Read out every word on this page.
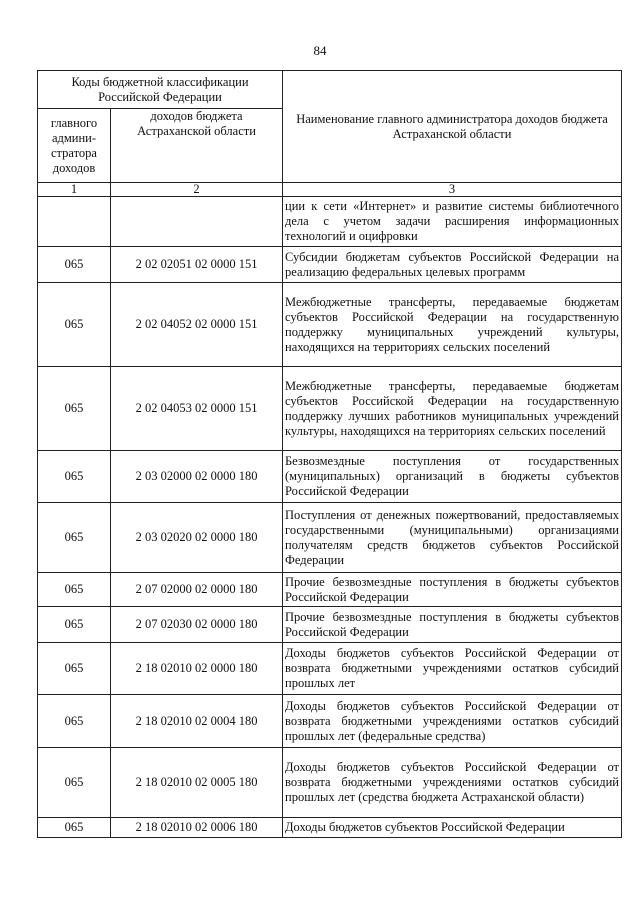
84
Коды бюджетной классификации Российской Федерации		Наименование главного администратора доходов бюджета Астраханской области
главного админи-стратора доходов	доходов бюджета Астраханской области	
1	2	3
		ции к сети «Интернет» и развитие системы библиотечного дела с учетом задачи расширения информационных технологий и оцифровки
065	2 02 02051 02 0000 151	Субсидии бюджетам субъектов Российской Федерации на реализацию федеральных целевых программ
065	2 02 04052 02 0000 151	Межбюджетные трансферты, передаваемые бюджетам субъектов Российской Федерации на государственную поддержку муниципальных учреждений культуры, находящихся на территориях сельских поселений
065	2 02 04053 02 0000 151	Межбюджетные трансферты, передаваемые бюджетам субъектов Российской Федерации на государственную поддержку лучших работников муниципальных учреждений культуры, находящихся на территориях сельских поселений
065	2 03 02000 02 0000 180	Безвозмездные поступления от государственных (муниципальных) организаций в бюджеты субъектов Российской Федерации
065	2 03 02020 02 0000 180	Поступления от денежных пожертвований, предоставляемых государственными (муниципальными) организациями получателям средств бюджетов субъектов Российской Федерации
065	2 07 02000 02 0000 180	Прочие безвозмездные поступления в бюджеты субъектов Российской Федерации
065	2 07 02030 02 0000 180	Прочие безвозмездные поступления в бюджеты субъектов Российской Федерации
065	2 18 02010 02 0000 180	Доходы бюджетов субъектов Российской Федерации от возврата бюджетными учреждениями остатков субсидий прошлых лет
065	2 18 02010 02 0004 180	Доходы бюджетов субъектов Российской Федерации от возврата бюджетными учреждениями остатков субсидий прошлых лет (федеральные средства)
065	2 18 02010 02 0005 180	Доходы бюджетов субъектов Российской Федерации от возврата бюджетными учреждениями остатков субсидий прошлых лет (средства бюджета Астраханской области)
065	2 18 02010 02 0006 180	Доходы бюджетов субъектов Российской Федерации
